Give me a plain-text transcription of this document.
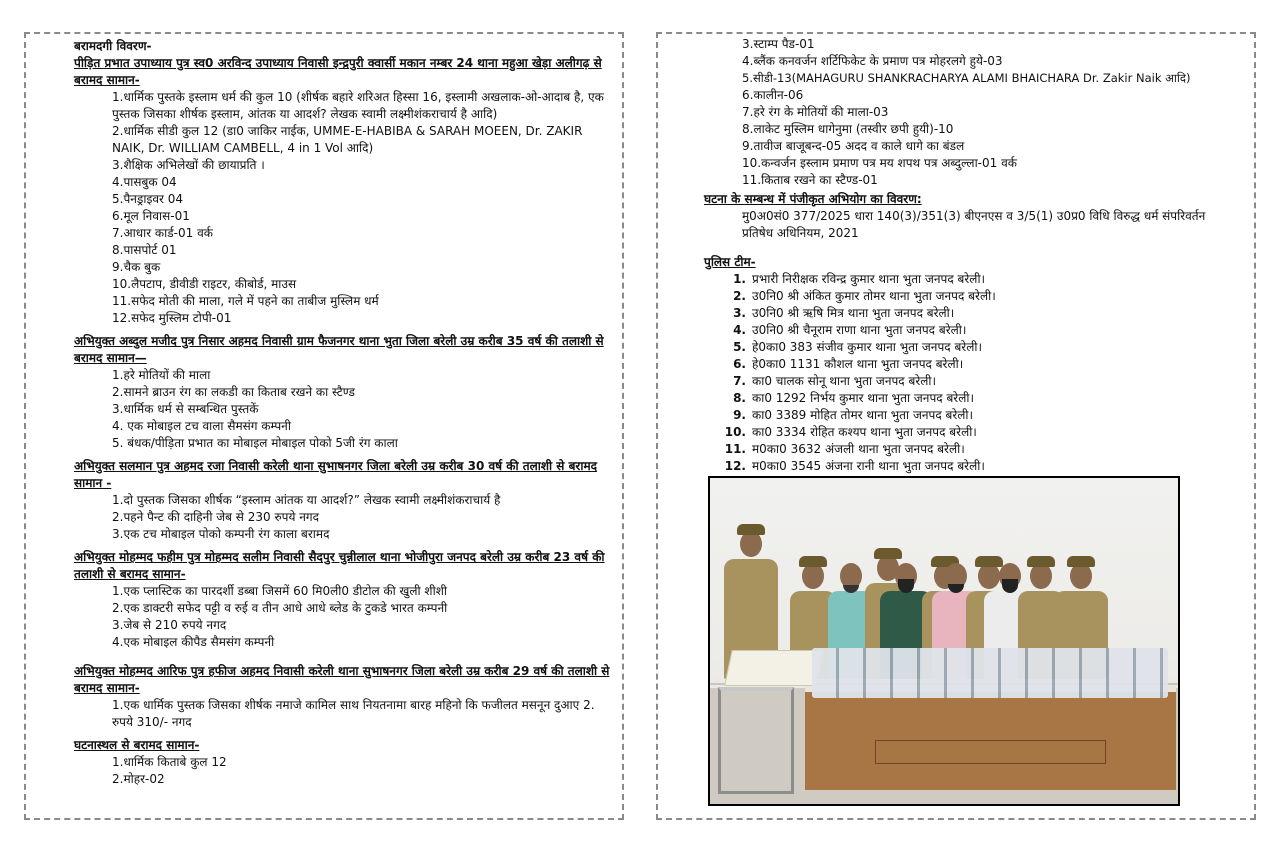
बरामदगी विवरण-
पीड़ित प्रभात उपाध्याय पुत्र स्व0 अरविन्द उपाध्याय निवासी इन्द्रपुरी क्वार्सी मकान नम्बर 24 थाना महुआ खेड़ा अलीगढ़ से बरामद सामान-
1.धार्मिक पुस्तके इस्लाम धर्म की कुल 10 (शीर्षक बहारे शरिअत हिस्सा 16, इस्लामी अखलाक-ओ-आदाब है, एक पुस्तक जिसका शीर्षक इस्लाम, आंतक या आदर्श? लेखक स्वामी लक्ष्मीशंकराचार्य है आदि)
2.धार्मिक सीडी कुल 12 (डा0 जाकिर नाईक, UMME-E-HABIBA & SARAH MOEEN, Dr. ZAKIR NAIK, Dr. WILLIAM CAMBELL, 4 in 1 Vol आदि)
3.शैक्षिक अभिलेखों की छायाप्रति ।
4.पासबुक 04
5.पैनड्राइवर 04
6.मूल निवास-01
7.आधार कार्ड-01 वर्क
8.पासपोर्ट 01
9.चैक बुक
10.लैपटाप, डीवीडी राइटर, कीबोर्ड, माउस
11.सफेद मोती की माला, गले में पहने का ताबीज मुस्लिम धर्म
12.सफेद मुस्लिम टोपी-01
अभियुक्त अब्दुल मजीद पुत्र निसार अहमद निवासी ग्राम फैजनगर थाना भुता जिला बरेली उम्र करीब 35 वर्ष की तलाशी से बरामद सामान—
1.हरे मोतियों की माला
2.सामने ब्राउन रंग का लकडी का किताब रखने का स्टैण्ड
3.धार्मिक धर्म से सम्बन्धित पुस्तकें
4. एक मोबाइल टच वाला सैमसंग कम्पनी
5. बंधक/पीड़िता प्रभात का मोबाइल मोबाइल पोको 5जी रंग काला
अभियुक्त सलमान पुत्र अहमद रजा निवासी करेली थाना सुभाषनगर जिला बरेली उम्र करीब 30 वर्ष की तलाशी से बरामद सामान -
1.दो पुस्तक जिसका शीर्षक “इस्लाम आंतक या आदर्श?” लेखक स्वामी लक्ष्मीशंकराचार्य है
2.पहने पैन्ट की दाहिनी जेब से 230 रुपये नगद
3.एक टच मोबाइल पोको कम्पनी रंग काला बरामद
अभियुक्त मोहम्मद फहीम पुत्र मोहम्मद सलीम निवासी सैदपुर चुन्नीलाल थाना भोजीपुरा जनपद बरेली उम्र करीब 23 वर्ष की तलाशी से बरामद सामान-
1.एक प्लास्टिक का पारदर्शी डब्बा जिसमें 60 मि0ली0 डीटोल की खुली शीशी
2.एक डाक्टरी सफेद पट्टी व रुई व तीन आधे आधे ब्लेड के टुकडे भारत कम्पनी
3.जेब से 210 रुपये नगद
4.एक मोबाइल कीपैड सैमसंग कम्पनी
अभियुक्त मोहम्मद आरिफ पुत्र हफीज अहमद निवासी करेली थाना सुभाषनगर जिला बरेली उम्र करीब 29 वर्ष की तलाशी से बरामद सामान-
1.एक धार्मिक पुस्तक जिसका शीर्षक नमाजे कामिल साथ नियतनामा बारह महिनो कि फजीलत मसनून दुआए 2. रुपये 310/- नगद
घटनास्थल से बरामद सामान-
1.धार्मिक किताबे कुल 12
2.मोहर-02
3.स्टाम्प पैड-01
4.ब्लैंक कनवर्जन शर्टिफिकेट के प्रमाण पत्र मोहरलगे हुये-03
5.सीडी-13(MAHAGURU SHANKRACHARYA ALAMI BHAICHARA Dr. Zakir Naik आदि)
6.कालीन-06
7.हरे रंग के मोतियों की माला-03
8.लाकेट मुस्लिम धागेनुमा (तस्वीर छपी हुयी)-10
9.तावीज बाजूबन्द-05 अदद व काले धागे का बंडल
10.कन्वर्जन इस्लाम प्रमाण पत्र मय शपथ पत्र अब्दुल्ला-01 वर्क
11.किताब रखने का स्टैण्ड-01
घटना के सम्बन्ध में पंजीकृत अभियोग का विवरण:
मु0अ0सं0 377/2025 धारा 140(3)/351(3) बीएनएस व 3/5(1) उ0प्र0 विधि विरुद्ध धर्म संपरिवर्तन प्रतिषेध अधिनियम, 2021
पुलिस टीम-
1. प्रभारी निरीक्षक रविन्द्र कुमार थाना भुता जनपद बरेली।
2. उ0नि0 श्री अंकित कुमार तोमर थाना भुता जनपद बरेली।
3. उ0नि0 श्री ऋषि मित्र थाना भुता जनपद बरेली।
4. उ0नि0 श्री चैनूराम राणा थाना भुता जनपद बरेली।
5. हे0का0 383 संजीव कुमार थाना भुता जनपद बरेली।
6. हे0का0 1131 कौशल थाना भुता जनपद बरेली।
7. का0 चालक सोनू थाना भुता जनपद बरेली।
8. का0 1292 निर्भय कुमार थाना भुता जनपद बरेली।
9. का0 3389 मोहित तोमर थाना भुता जनपद बरेली।
10. का0 3334 रोहित कश्यप थाना भुता जनपद बरेली।
11. म0का0 3632 अंजली थाना भुता जनपद बरेली।
12. म0का0 3545 अंजना रानी थाना भुता जनपद बरेली।
